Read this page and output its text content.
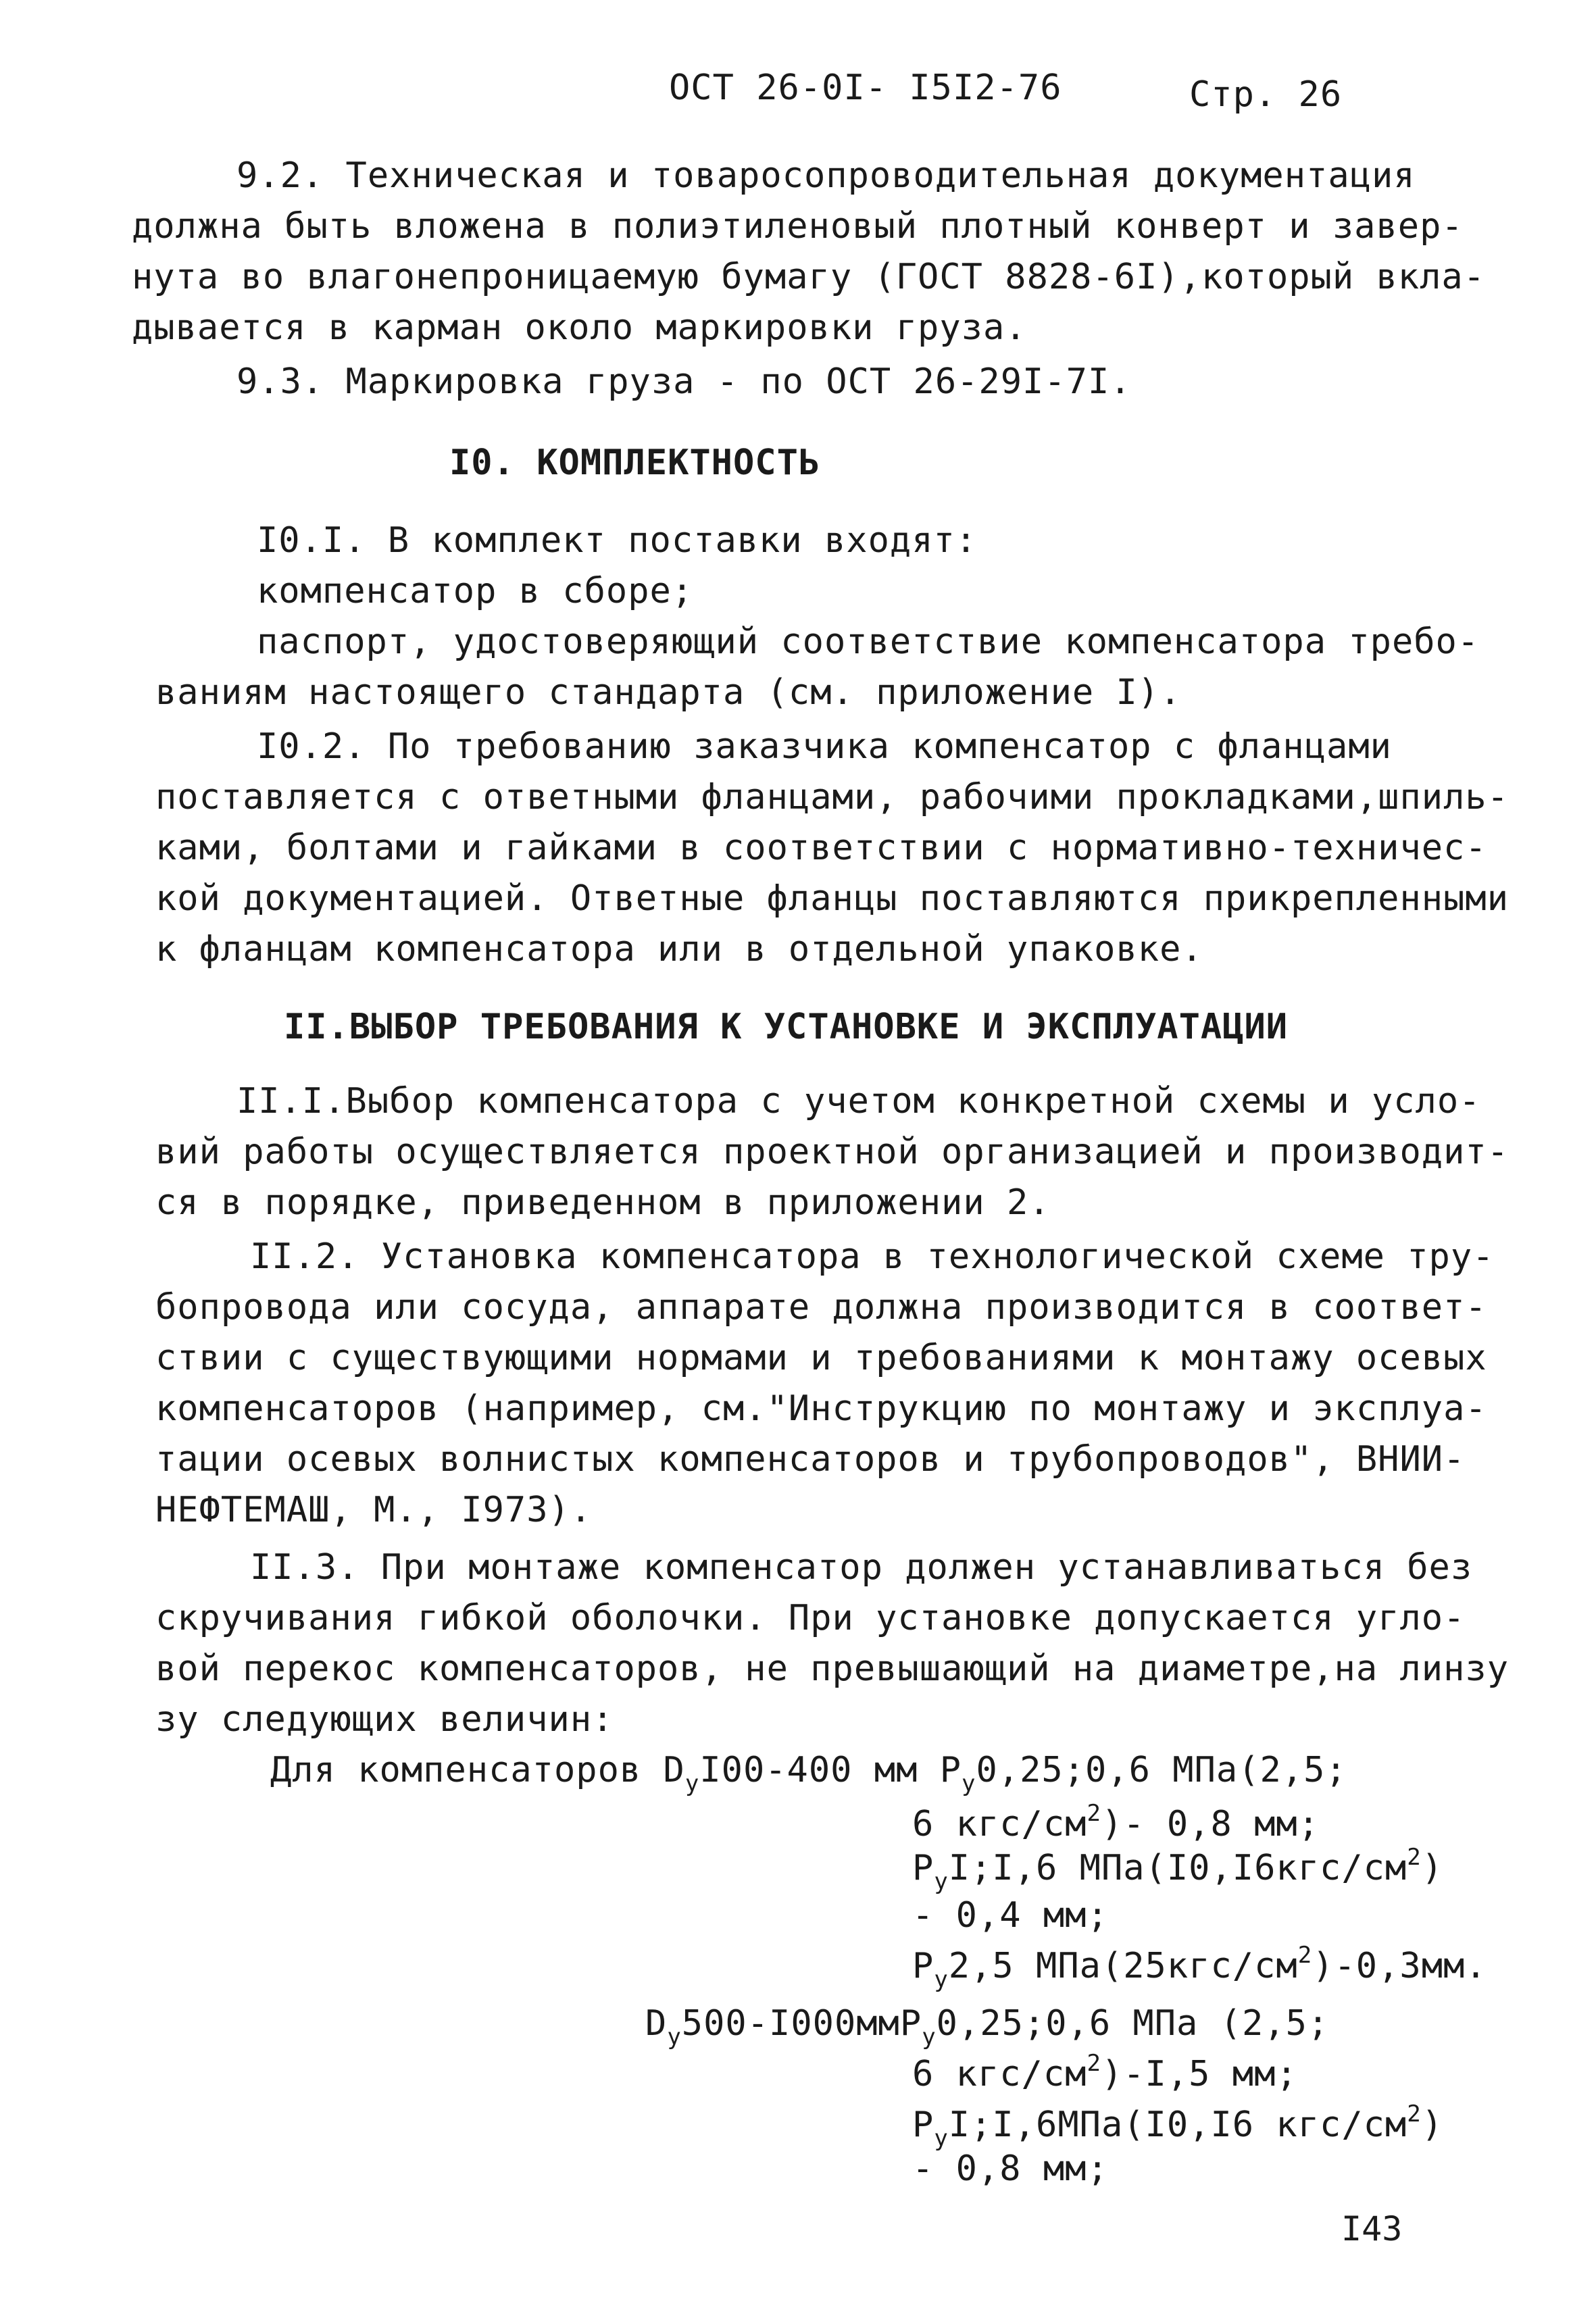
ОСТ 26-0I- I5I2-76	Стр. 26
9.2. Техническая и товаросопроводительная документация
должна быть вложена в полиэтиленовый плотный конверт и завер-
нута во влагонепроницаемую бумагу (ГОСТ 8828-6I),который вкла-
дывается в карман около маркировки груза.
9.3. Маркировка груза - по ОСТ 26-29I-7I.
I0. КОМПЛЕКТНОСТЬ
I0.I. В комплект поставки входят:
компенсатор в сборе;
паспорт, удостоверяющий соответствие компенсатора требо-
ваниям настоящего стандарта (см. приложение I).
I0.2. По требованию заказчика компенсатор с фланцами
поставляется с ответными фланцами, рабочими прокладками,шпиль-
ками, болтами и гайками в соответствии с нормативно-техничес-
кой документацией. Ответные фланцы поставляются прикрепленными
к фланцам компенсатора или в отдельной упаковке.
II.ВЫБОР ТРЕБОВАНИЯ К УСТАНОВКЕ И ЭКСПЛУАТАЦИИ
II.I.Выбор компенсатора с учетом конкретной схемы и усло-
вий работы осуществляется проектной организацией и производит-
ся в порядке, приведенном в приложении 2.
II.2. Установка компенсатора в технологической схеме тру-
бопровода или сосуда, аппарате должна производится в соответ-
ствии с существующими нормами и требованиями к монтажу осевых
компенсаторов (например, см."Инструкцию по монтажу и эксплуа-
тации осевых волнистых компенсаторов и трубопроводов", ВНИИ-
НЕФТЕМАШ, М., I973).
II.3. При монтаже компенсатор должен устанавливаться без
скручивания гибкой оболочки. При установке допускается угло-
вой перекос компенсаторов, не превышающий на диаметре,на линзу
зу следующих величин:
Для компенсаторов $D_уI00-400$ мм $P_у0,25;0,6$ МПа(2,5;
6 кгс/$см^2)-$ 0,8 мм;
$P_уI;I,6$ $МПа(I0,I6кгс/см^2)$
- 0,4 мм;
$P_у2,5$ $МПа(25кгс/см^2)-0,3мм$.
$D_у500-I000ммP_у0,25;0,6$ МПа (2,5;
6 кгс/$см^2)-I,5$ мм;
$P_уI;I,6МПа(I0,I6$ кгс/$см^2$)
- 0,8 мм;
I43
